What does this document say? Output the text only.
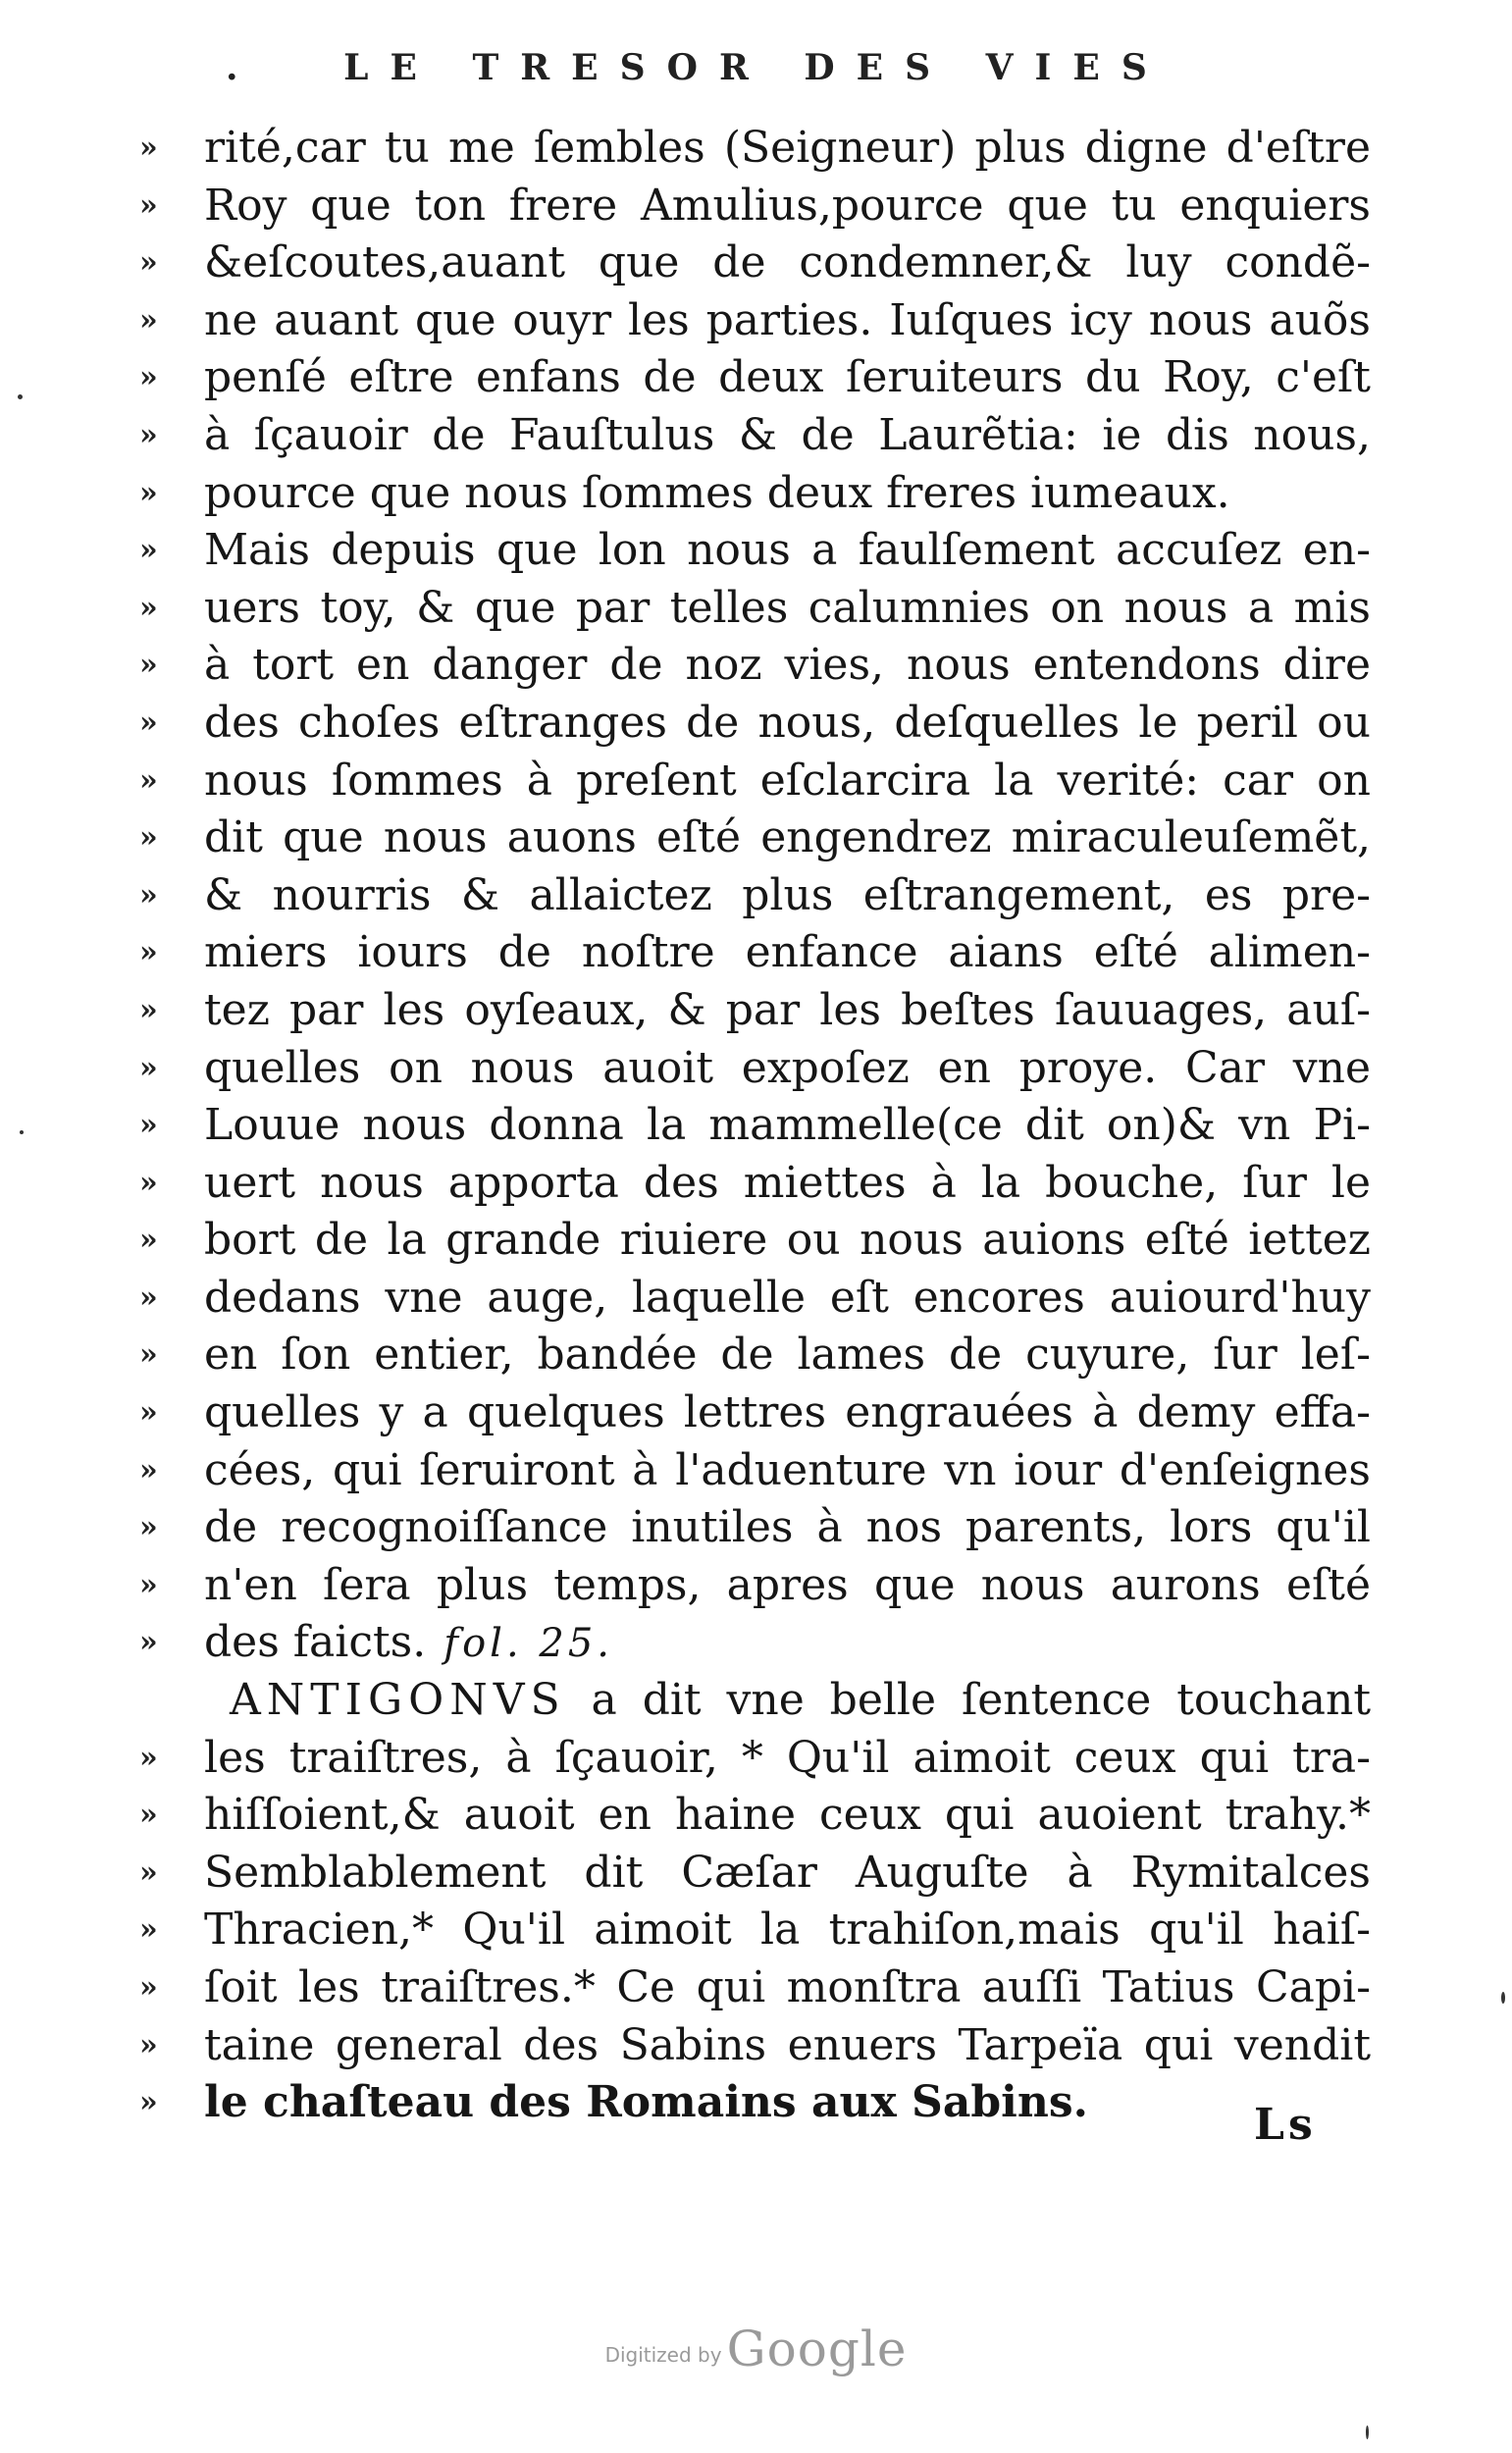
.	LE TRESOR DES VIES
» rité,car tu me ſembles (Seigneur) plus digne d'eſtre
» Roy que ton frere Amulius,pource que tu enquiers
» &eſcoutes,auant que de condemner,& luy condẽ-
» ne auant que ouyr les parties. Iuſques icy nous auõs
» penſé eſtre enfans de deux ſeruiteurs du Roy, c'eſt
» à ſçauoir de Fauſtulus & de Laurẽtia: ie dis nous,
» pource que nous ſommes deux freres iumeaux.
» Mais depuis que lon nous a faulſement accuſez en-
» uers toy, & que par telles calumnies on nous a mis
» à tort en danger de noz vies, nous entendons dire
» des choſes eſtranges de nous, deſquelles le peril ou
» nous ſommes à preſent eſclarcira la verité: car on
» dit que nous auons eſté engendrez miraculeuſemẽt,
» & nourris & allaictez plus eſtrangement, es pre-
» miers iours de noſtre enfance aians eſté alimen-
» tez par les oyſeaux, & par les beſtes ſauuages, auſ-
» quelles on nous auoit expoſez en proye. Car vne
» Louue nous donna la mammelle(ce dit on)& vn Pi-
» uert nous apporta des miettes à la bouche, ſur le
» bort de la grande riuiere ou nous auions eſté iettez
» dedans vne auge, laquelle eſt encores auiourd'huy
» en ſon entier, bandée de lames de cuyure, ſur leſ-
» quelles y a quelques lettres engrauées à demy effa-
» cées, qui ſeruiront à l'aduenture vn iour d'enſeignes
» de recognoiſſance inutiles à nos parents, lors qu'il
» n'en ſera plus temps, apres que nous aurons eſté
» des faicts. fol. 25.
ANTIGONVS a dit vne belle ſentence touchant
» les traiſtres, à ſçauoir, * Qu'il aimoit ceux qui tra-
» hiſſoient,& auoit en haine ceux qui auoient trahy.*
» Semblablement dit Cæſar Auguſte à Rymitalces
» Thracien,* Qu'il aimoit la trahiſon,mais qu'il haiſ-
» ſoit les traiſtres.* Ce qui monſtra auſſi Tatius Capi-
» taine general des Sabins enuers Tarpeïa qui vendit
» le chaſteau des Romains aux Sabins.	Ls
Digitized by Google
